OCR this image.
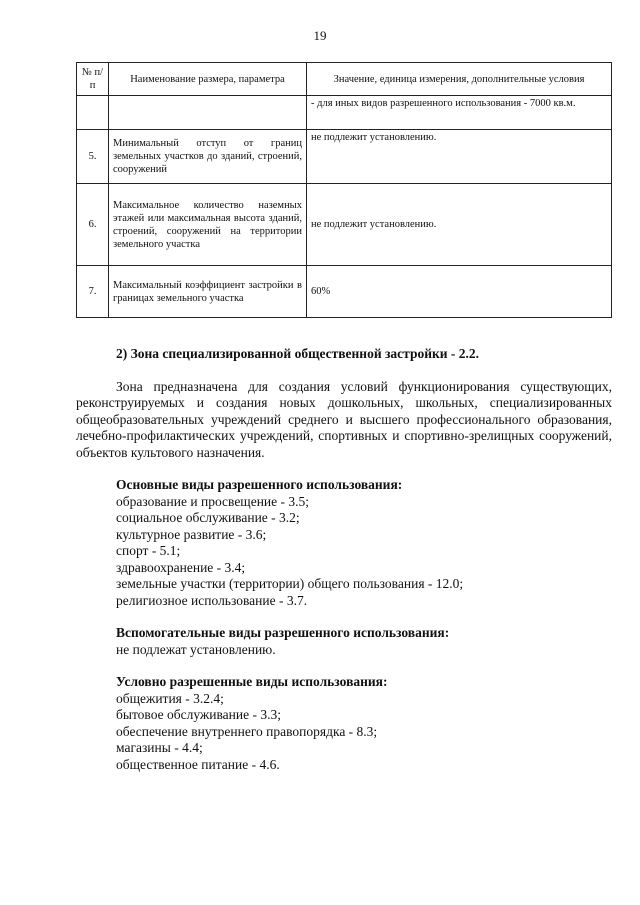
19
№ п/п	Наименование размера, параметра	Значение, единица измерения, дополнительные условия
		- для иных видов разрешенного использования - 7000 кв.м.
5.	Минимальный отступ от границ земельных участков до зданий, строений, сооружений	не подлежит установлению.
6.	Максимальное количество наземных этажей или максимальная высота зданий, строений, сооружений на территории земельного участка	не подлежит установлению.
7.	Максимальный коэффициент застройки в границах земельного участка	60%

2) Зона специализированной общественной застройки - 2.2.

Зона предназначена для создания условий функционирования существующих, реконструируемых и создания новых дошкольных, школьных, специализированных общеобразовательных учреждений среднего и высшего профессионального образования, лечебно-профилактических учреждений, спортивных и спортивно-зрелищных сооружений, объектов культового назначения.

Основные виды разрешенного использования:
образование и просвещение - 3.5;
социальное обслуживание - 3.2;
культурное развитие - 3.6;
спорт - 5.1;
здравоохранение - 3.4;
земельные участки (территории) общего пользования - 12.0;
религиозное использование - 3.7.
Вспомогательные виды разрешенного использования:
не подлежат установлению.
Условно разрешенные виды использования:
общежития - 3.2.4;
бытовое обслуживание - 3.3;
обеспечение внутреннего правопорядка - 8.3;
магазины - 4.4;
общественное питание - 4.6.
